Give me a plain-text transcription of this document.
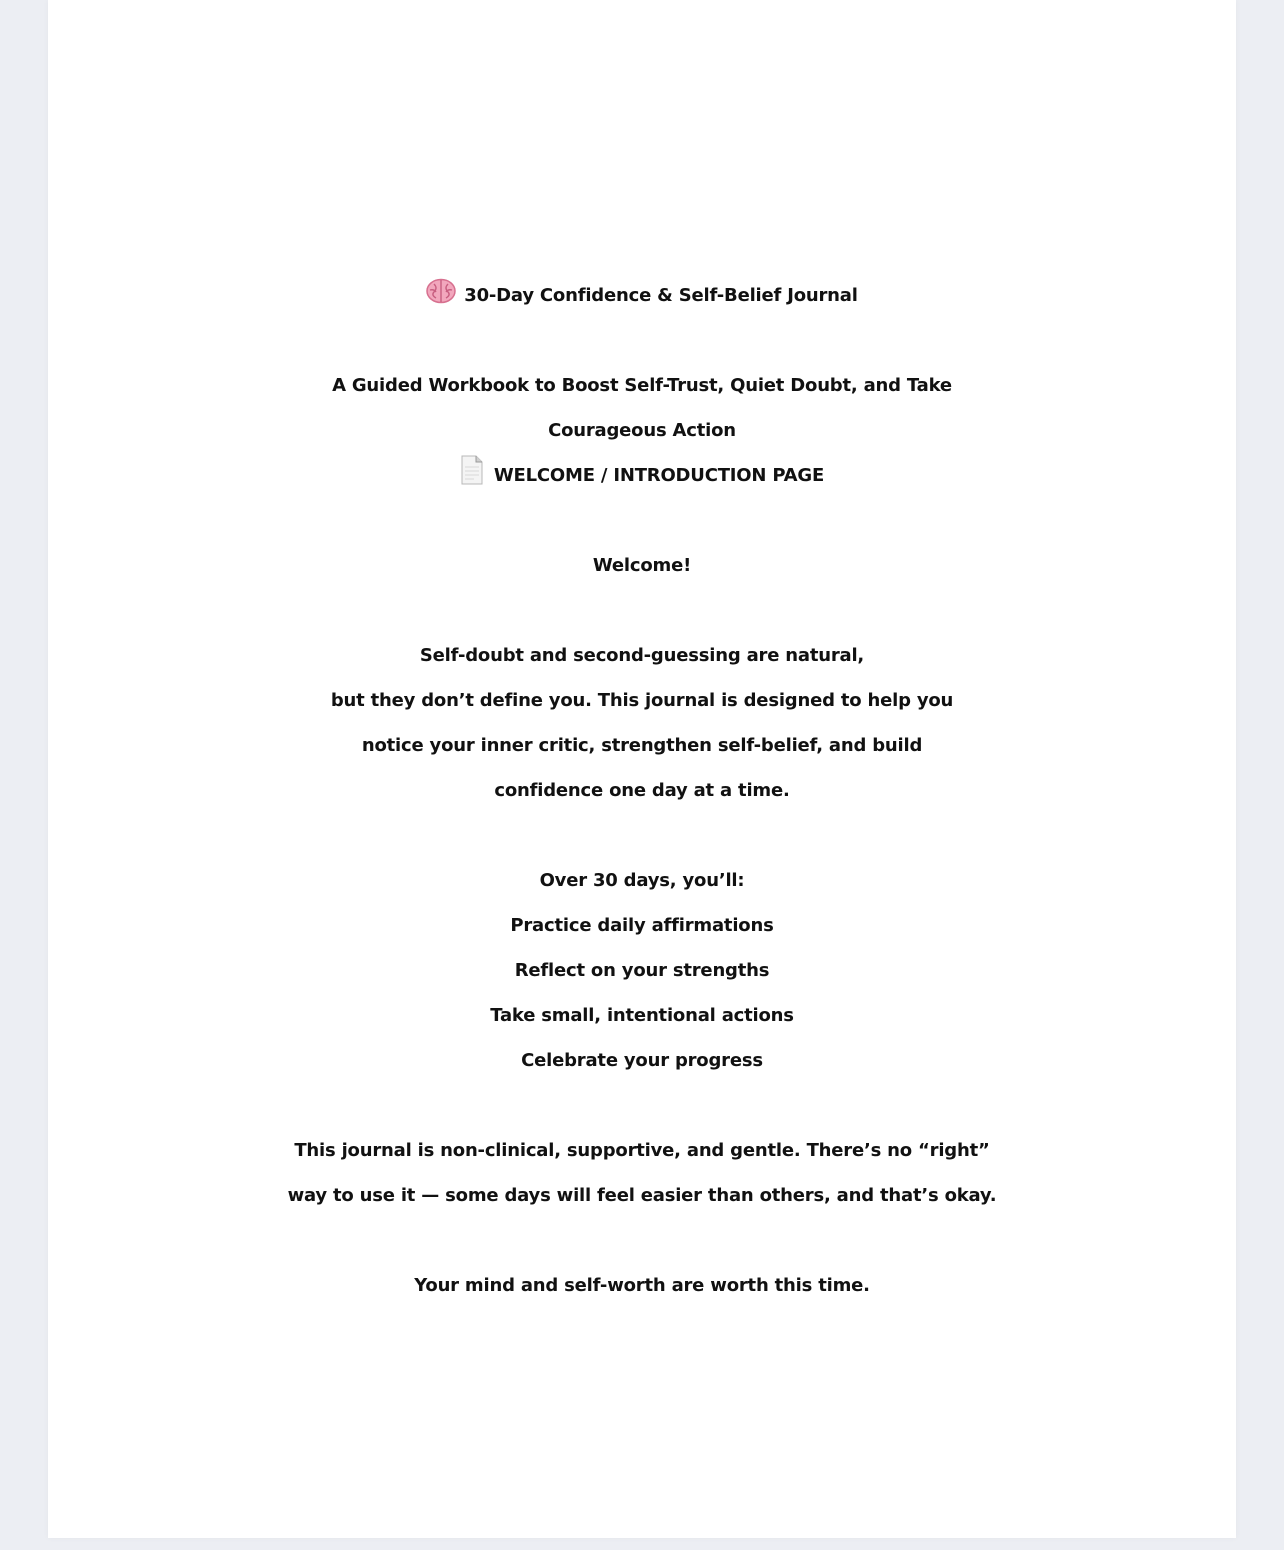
30-Day Confidence & Self-Belief Journal
A Guided Workbook to Boost Self-Trust, Quiet Doubt, and Take
Courageous Action
WELCOME / INTRODUCTION PAGE
Welcome!
Self-doubt and second-guessing are natural,
but they don’t define you. This journal is designed to help you
notice your inner critic, strengthen self-belief, and build
confidence one day at a time.
Over 30 days, you’ll:
Practice daily affirmations
Reflect on your strengths
Take small, intentional actions
Celebrate your progress
This journal is non-clinical, supportive, and gentle. There’s no “right”
way to use it — some days will feel easier than others, and that’s okay.
Your mind and self-worth are worth this time.
